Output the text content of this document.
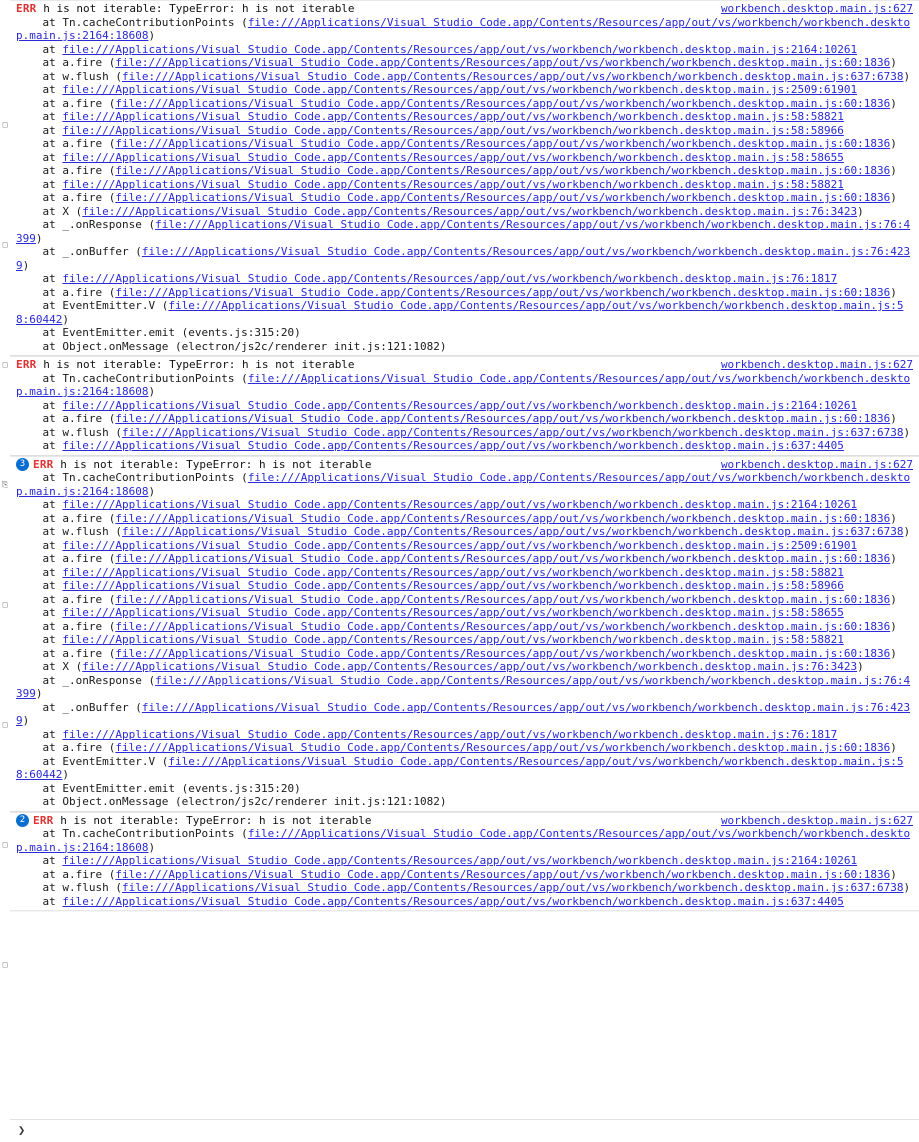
□
□
□
⎘
□
□
□
□
workbench.desktop.main.js:627
ERR h is not iterable: TypeError: h is not iterable
at Tn.cacheContributionPoints (file:///Applications/Visual Studio Code.app/Contents/Resources/app/out/vs/workbench/workbench.desktop.main.js:2164:18608)
at file:///Applications/Visual Studio Code.app/Contents/Resources/app/out/vs/workbench/workbench.desktop.main.js:2164:10261
at a.fire (file:///Applications/Visual Studio Code.app/Contents/Resources/app/out/vs/workbench/workbench.desktop.main.js:60:1836)
at w.flush (file:///Applications/Visual Studio Code.app/Contents/Resources/app/out/vs/workbench/workbench.desktop.main.js:637:6738)
at file:///Applications/Visual Studio Code.app/Contents/Resources/app/out/vs/workbench/workbench.desktop.main.js:2509:61901
at a.fire (file:///Applications/Visual Studio Code.app/Contents/Resources/app/out/vs/workbench/workbench.desktop.main.js:60:1836)
at file:///Applications/Visual Studio Code.app/Contents/Resources/app/out/vs/workbench/workbench.desktop.main.js:58:58821
at file:///Applications/Visual Studio Code.app/Contents/Resources/app/out/vs/workbench/workbench.desktop.main.js:58:58966
at a.fire (file:///Applications/Visual Studio Code.app/Contents/Resources/app/out/vs/workbench/workbench.desktop.main.js:60:1836)
at file:///Applications/Visual Studio Code.app/Contents/Resources/app/out/vs/workbench/workbench.desktop.main.js:58:58655
at a.fire (file:///Applications/Visual Studio Code.app/Contents/Resources/app/out/vs/workbench/workbench.desktop.main.js:60:1836)
at file:///Applications/Visual Studio Code.app/Contents/Resources/app/out/vs/workbench/workbench.desktop.main.js:58:58821
at a.fire (file:///Applications/Visual Studio Code.app/Contents/Resources/app/out/vs/workbench/workbench.desktop.main.js:60:1836)
at X (file:///Applications/Visual Studio Code.app/Contents/Resources/app/out/vs/workbench/workbench.desktop.main.js:76:3423)
at _.onResponse (file:///Applications/Visual Studio Code.app/Contents/Resources/app/out/vs/workbench/workbench.desktop.main.js:76:4399)
at _.onBuffer (file:///Applications/Visual Studio Code.app/Contents/Resources/app/out/vs/workbench/workbench.desktop.main.js:76:4239)
at file:///Applications/Visual Studio Code.app/Contents/Resources/app/out/vs/workbench/workbench.desktop.main.js:76:1817
at a.fire (file:///Applications/Visual Studio Code.app/Contents/Resources/app/out/vs/workbench/workbench.desktop.main.js:60:1836)
at EventEmitter.V (file:///Applications/Visual Studio Code.app/Contents/Resources/app/out/vs/workbench/workbench.desktop.main.js:58:60442)
at EventEmitter.emit (events.js:315:20)
at Object.onMessage (electron/js2c/renderer init.js:121:1082)
workbench.desktop.main.js:627
ERR h is not iterable: TypeError: h is not iterable
at Tn.cacheContributionPoints (file:///Applications/Visual Studio Code.app/Contents/Resources/app/out/vs/workbench/workbench.desktop.main.js:2164:18608)
at file:///Applications/Visual Studio Code.app/Contents/Resources/app/out/vs/workbench/workbench.desktop.main.js:2164:10261
at a.fire (file:///Applications/Visual Studio Code.app/Contents/Resources/app/out/vs/workbench/workbench.desktop.main.js:60:1836)
at w.flush (file:///Applications/Visual Studio Code.app/Contents/Resources/app/out/vs/workbench/workbench.desktop.main.js:637:6738)
at file:///Applications/Visual Studio Code.app/Contents/Resources/app/out/vs/workbench/workbench.desktop.main.js:637:4405
3	workbench.desktop.main.js:627
ERR h is not iterable: TypeError: h is not iterable
at Tn.cacheContributionPoints (file:///Applications/Visual Studio Code.app/Contents/Resources/app/out/vs/workbench/workbench.desktop.main.js:2164:18608)
at file:///Applications/Visual Studio Code.app/Contents/Resources/app/out/vs/workbench/workbench.desktop.main.js:2164:10261
at a.fire (file:///Applications/Visual Studio Code.app/Contents/Resources/app/out/vs/workbench/workbench.desktop.main.js:60:1836)
at w.flush (file:///Applications/Visual Studio Code.app/Contents/Resources/app/out/vs/workbench/workbench.desktop.main.js:637:6738)
at file:///Applications/Visual Studio Code.app/Contents/Resources/app/out/vs/workbench/workbench.desktop.main.js:2509:61901
at a.fire (file:///Applications/Visual Studio Code.app/Contents/Resources/app/out/vs/workbench/workbench.desktop.main.js:60:1836)
at file:///Applications/Visual Studio Code.app/Contents/Resources/app/out/vs/workbench/workbench.desktop.main.js:58:58821
at file:///Applications/Visual Studio Code.app/Contents/Resources/app/out/vs/workbench/workbench.desktop.main.js:58:58966
at a.fire (file:///Applications/Visual Studio Code.app/Contents/Resources/app/out/vs/workbench/workbench.desktop.main.js:60:1836)
at file:///Applications/Visual Studio Code.app/Contents/Resources/app/out/vs/workbench/workbench.desktop.main.js:58:58655
at a.fire (file:///Applications/Visual Studio Code.app/Contents/Resources/app/out/vs/workbench/workbench.desktop.main.js:60:1836)
at file:///Applications/Visual Studio Code.app/Contents/Resources/app/out/vs/workbench/workbench.desktop.main.js:58:58821
at a.fire (file:///Applications/Visual Studio Code.app/Contents/Resources/app/out/vs/workbench/workbench.desktop.main.js:60:1836)
at X (file:///Applications/Visual Studio Code.app/Contents/Resources/app/out/vs/workbench/workbench.desktop.main.js:76:3423)
at _.onResponse (file:///Applications/Visual Studio Code.app/Contents/Resources/app/out/vs/workbench/workbench.desktop.main.js:76:4399)
at _.onBuffer (file:///Applications/Visual Studio Code.app/Contents/Resources/app/out/vs/workbench/workbench.desktop.main.js:76:4239)
at file:///Applications/Visual Studio Code.app/Contents/Resources/app/out/vs/workbench/workbench.desktop.main.js:76:1817
at a.fire (file:///Applications/Visual Studio Code.app/Contents/Resources/app/out/vs/workbench/workbench.desktop.main.js:60:1836)
at EventEmitter.V (file:///Applications/Visual Studio Code.app/Contents/Resources/app/out/vs/workbench/workbench.desktop.main.js:58:60442)
at EventEmitter.emit (events.js:315:20)
at Object.onMessage (electron/js2c/renderer init.js:121:1082)
2	workbench.desktop.main.js:627
ERR h is not iterable: TypeError: h is not iterable
at Tn.cacheContributionPoints (file:///Applications/Visual Studio Code.app/Contents/Resources/app/out/vs/workbench/workbench.desktop.main.js:2164:18608)
at file:///Applications/Visual Studio Code.app/Contents/Resources/app/out/vs/workbench/workbench.desktop.main.js:2164:10261
at a.fire (file:///Applications/Visual Studio Code.app/Contents/Resources/app/out/vs/workbench/workbench.desktop.main.js:60:1836)
at w.flush (file:///Applications/Visual Studio Code.app/Contents/Resources/app/out/vs/workbench/workbench.desktop.main.js:637:6738)
at file:///Applications/Visual Studio Code.app/Contents/Resources/app/out/vs/workbench/workbench.desktop.main.js:637:4405
❯
